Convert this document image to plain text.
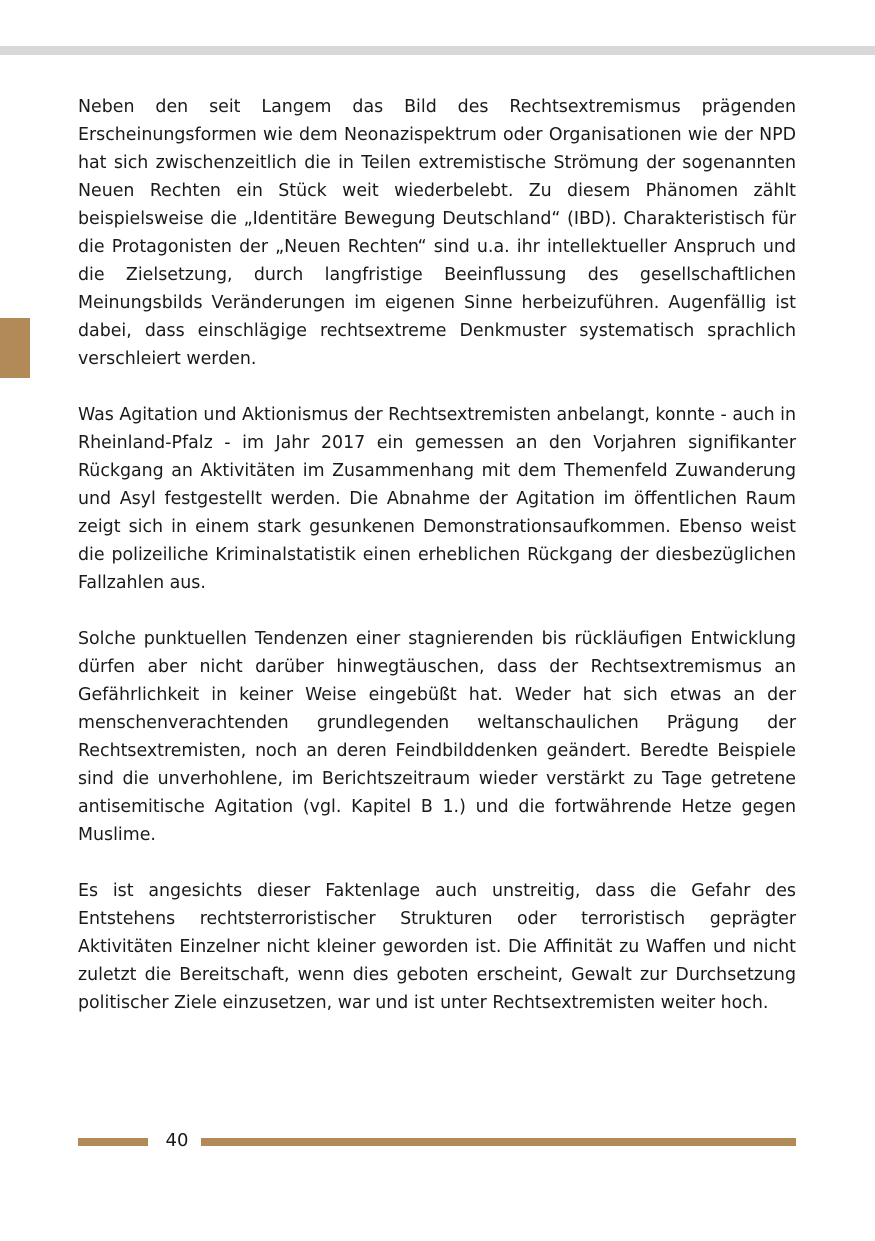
Neben den seit Langem das Bild des Rechtsextremismus prägenden Erscheinungsformen wie dem Neonazispektrum oder Organisationen wie der NPD hat sich zwischenzeitlich die in Teilen extremistische Strömung der sogenannten Neuen Rechten ein Stück weit wiederbelebt. Zu diesem Phänomen zählt beispielsweise die „Identitäre Bewegung Deutschland“ (IBD). Charakteristisch für die Protagonisten der „Neuen Rechten“ sind u.a. ihr intellektueller Anspruch und die Zielsetzung, durch langfristige Beeinflussung des gesellschaftlichen Meinungsbilds Veränderungen im eigenen Sinne herbeizuführen. Augenfällig ist dabei, dass einschlägige rechtsextreme Denkmuster systematisch sprachlich verschleiert werden.

Was Agitation und Aktionismus der Rechtsextremisten anbelangt, konnte - auch in Rheinland-Pfalz - im Jahr 2017 ein gemessen an den Vorjahren signifikanter Rückgang an Aktivitäten im Zusammenhang mit dem Themenfeld Zuwanderung und Asyl festgestellt werden. Die Abnahme der Agitation im öffentlichen Raum zeigt sich in einem stark gesunkenen Demonstrationsaufkommen. Ebenso weist die polizeiliche Kriminalstatistik einen erheblichen Rückgang der diesbezüglichen Fallzahlen aus.

Solche punktuellen Tendenzen einer stagnierenden bis rückläufigen Entwicklung dürfen aber nicht darüber hinwegtäuschen, dass der Rechtsextremismus an Gefährlichkeit in keiner Weise eingebüßt hat. Weder hat sich etwas an der menschenverachtenden grundlegenden weltanschaulichen Prägung der Rechtsextremisten, noch an deren Feindbilddenken geändert. Beredte Beispiele sind die unverhohlene, im Berichtszeitraum wieder verstärkt zu Tage getretene antisemitische Agitation (vgl. Kapitel B 1.) und die fortwährende Hetze gegen Muslime.

Es ist angesichts dieser Faktenlage auch unstreitig, dass die Gefahr des Entstehens rechtsterroristischer Strukturen oder terroristisch geprägter Aktivitäten Einzelner nicht kleiner geworden ist. Die Affinität zu Waffen und nicht zuletzt die Bereitschaft, wenn dies geboten erscheint, Gewalt zur Durchsetzung politischer Ziele einzusetzen, war und ist unter Rechtsextremisten weiter hoch.

40
